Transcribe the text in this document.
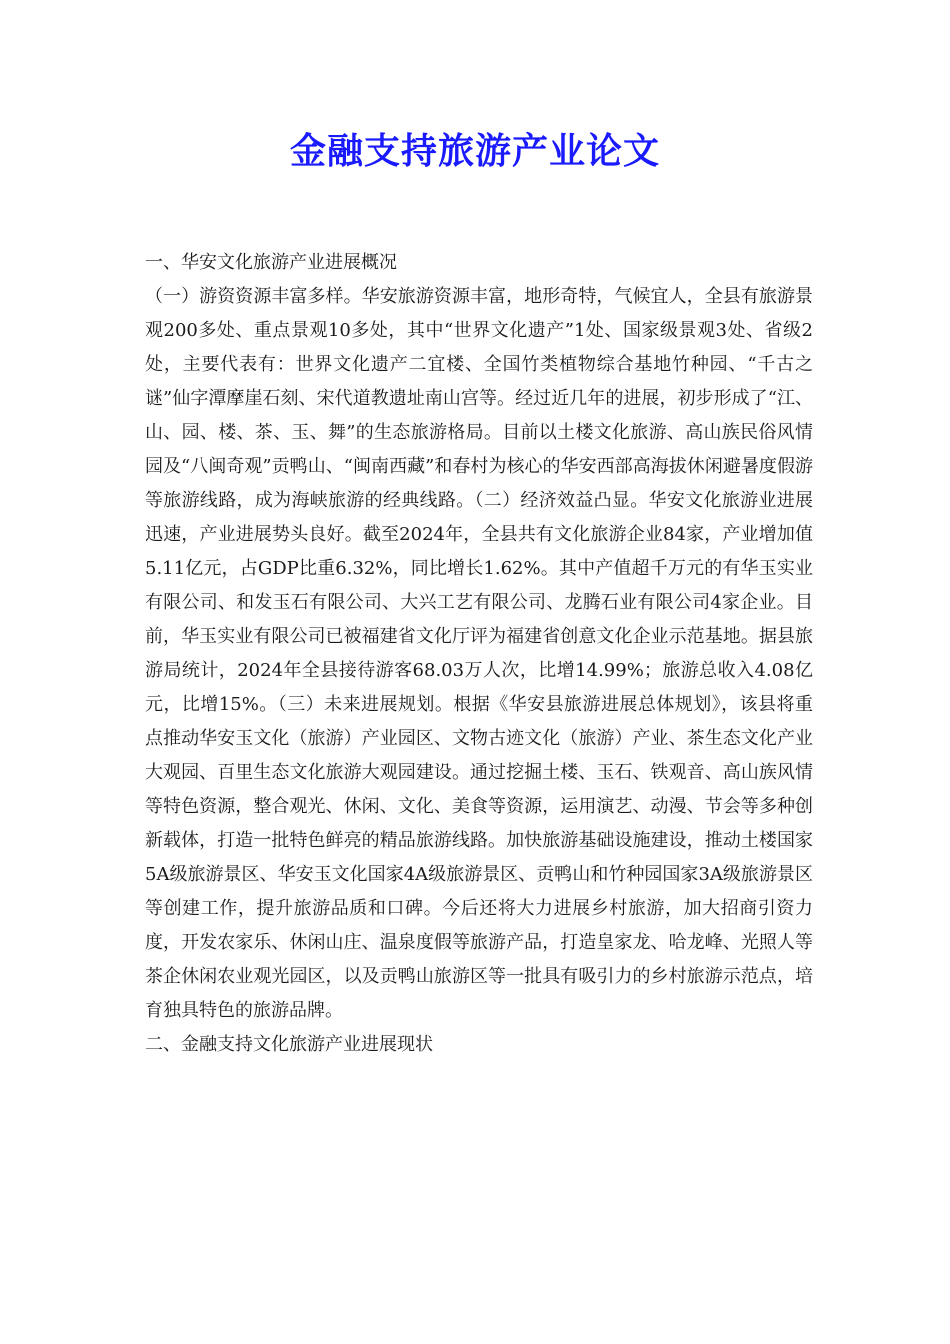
金融支持旅游产业论文

一、华安文化旅游产业进展概况

（一）游资资源丰富多样。华安旅游资源丰富，地形奇特，气候宜人，全县有旅游景观200多处、重点景观10多处，其中“世界文化遗产”1处、国家级景观3处、省级2处，主要代表有：世界文化遗产二宜楼、全国竹类植物综合基地竹种园、“千古之谜”仙字潭摩崖石刻、宋代道教遗址南山宫等。经过近几年的进展，初步形成了“江、山、园、楼、茶、玉、舞”的生态旅游格局。目前以土楼文化旅游、高山族民俗风情园及“八闽奇观”贡鸭山、“闽南西藏”和春村为核心的华安西部高海拔休闲避暑度假游等旅游线路，成为海峡旅游的经典线路。（二）经济效益凸显。华安文化旅游业进展迅速，产业进展势头良好。截至2024年，全县共有文化旅游企业84家，产业增加值5.11亿元，占GDP比重6.32%，同比增长1.62%。其中产值超千万元的有华玉实业有限公司、和发玉石有限公司、大兴工艺有限公司、龙腾石业有限公司4家企业。目前，华玉实业有限公司已被福建省文化厅评为福建省创意文化企业示范基地。据县旅游局统计，2024年全县接待游客68.03万人次，比增14.99%；旅游总收入4.08亿元，比增15%。（三）未来进展规划。根据《华安县旅游进展总体规划》，该县将重点推动华安玉文化（旅游）产业园区、文物古迹文化（旅游）产业、茶生态文化产业大观园、百里生态文化旅游大观园建设。通过挖掘土楼、玉石、铁观音、高山族风情等特色资源，整合观光、休闲、文化、美食等资源，运用演艺、动漫、节会等多种创新载体，打造一批特色鲜亮的精品旅游线路。加快旅游基础设施建设，推动土楼国家5A级旅游景区、华安玉文化国家4A级旅游景区、贡鸭山和竹种园国家3A级旅游景区等创建工作，提升旅游品质和口碑。今后还将大力进展乡村旅游，加大招商引资力度，开发农家乐、休闲山庄、温泉度假等旅游产品，打造皇家龙、哈龙峰、光照人等茶企休闲农业观光园区，以及贡鸭山旅游区等一批具有吸引力的乡村旅游示范点，培育独具特色的旅游品牌。

二、金融支持文化旅游产业进展现状
